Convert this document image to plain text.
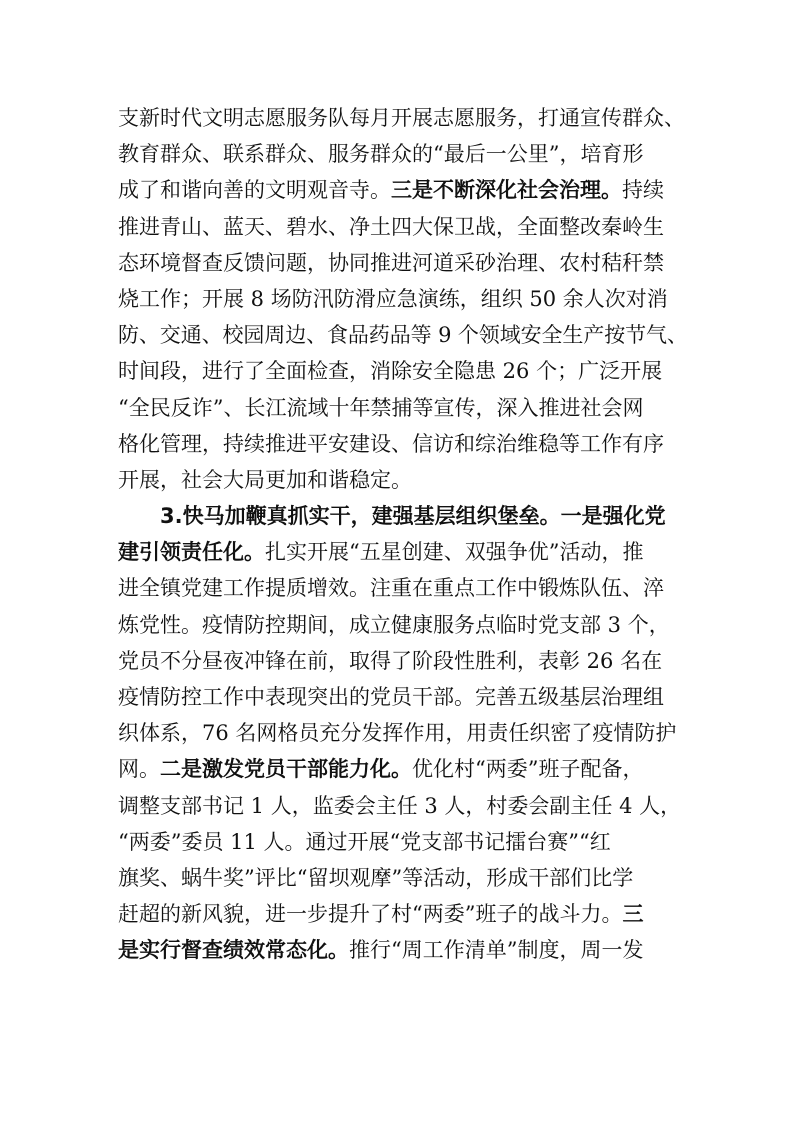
支新时代文明志愿服务队每月开展志愿服务，打通宣传群众、
教育群众、联系群众、服务群众的“最后一公里”，培育形
成了和谐向善的文明观音寺。三是不断深化社会治理。持续
推进青山、蓝天、碧水、净土四大保卫战，全面整改秦岭生
态环境督查反馈问题，协同推进河道采砂治理、农村秸秆禁
烧工作；开展 8 场防汛防滑应急演练，组织 50 余人次对消
防、交通、校园周边、食品药品等 9 个领域安全生产按节气、
时间段，进行了全面检查，消除安全隐患 26 个；广泛开展
“全民反诈”、长江流域十年禁捕等宣传，深入推进社会网
格化管理，持续推进平安建设、信访和综治维稳等工作有序
开展，社会大局更加和谐稳定。
3.快马加鞭真抓实干，建强基层组织堡垒。一是强化党
建引领责任化。扎实开展“五星创建、双强争优”活动，推
进全镇党建工作提质增效。注重在重点工作中锻炼队伍、淬
炼党性。疫情防控期间，成立健康服务点临时党支部 3 个，
党员不分昼夜冲锋在前，取得了阶段性胜利，表彰 26 名在
疫情防控工作中表现突出的党员干部。完善五级基层治理组
织体系，76 名网格员充分发挥作用，用责任织密了疫情防护
网。二是激发党员干部能力化。优化村“两委”班子配备，
调整支部书记 1 人，监委会主任 3 人，村委会副主任 4 人，
“两委”委员 11 人。通过开展“党支部书记擂台赛”“红
旗奖、蜗牛奖”评比“留坝观摩”等活动，形成干部们比学
赶超的新风貌，进一步提升了村“两委”班子的战斗力。三
是实行督查绩效常态化。推行“周工作清单”制度，周一发
